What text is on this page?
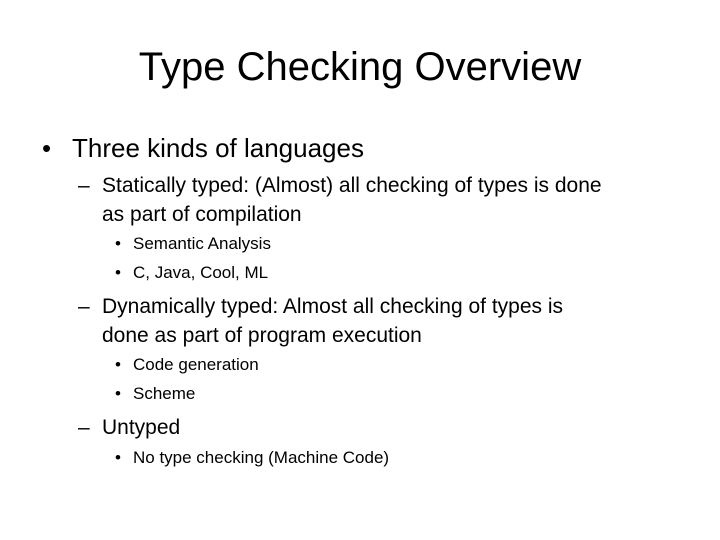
Type Checking Overview
• Three kinds of languages
– Statically typed: (Almost) all checking of types is done
as part of compilation
• Semantic Analysis
• C, Java, Cool, ML
– Dynamically typed: Almost all checking of types is
done as part of program execution
• Code generation
• Scheme
– Untyped
• No type checking (Machine Code)
